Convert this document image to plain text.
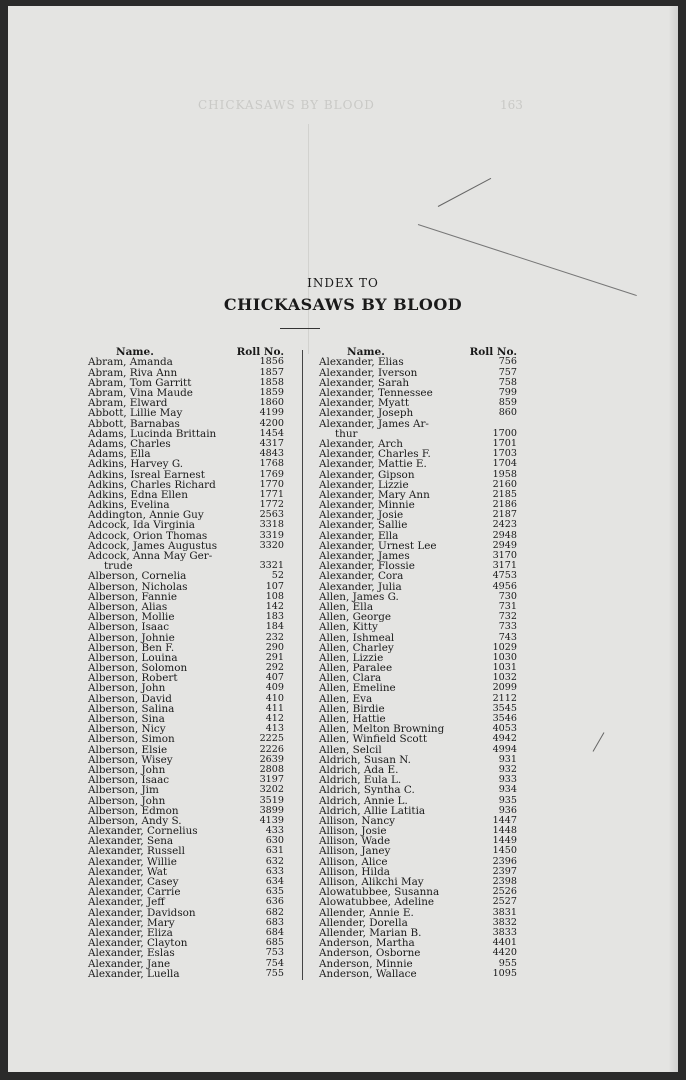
CHICKASAWS BY BLOOD	163
INDEX TO
CHICKASAWS BY BLOOD
Name.	Roll No.
Abram, Amanda	1856
Abram, Riva Ann	1857
Abram, Tom Garritt	1858
Abram, Vina Maude	1859
Abram, Elward	1860
Abbott, Lillie May	4199
Abbott, Barnabas	4200
Adams, Lucinda Brittain	1454
Adams, Charles	4317
Adams, Ella	4843
Adkins, Harvey G.	1768
Adkins, Isreal Earnest	1769
Adkins, Charles Richard	1770
Adkins, Edna Ellen	1771
Adkins, Evelina	1772
Addington, Annie Guy	2563
Adcock, Ida Virginia	3318
Adcock, Orion Thomas	3319
Adcock, James Augustus	3320
Adcock, Anna May Ger-
trude	3321
Alberson, Cornelia	52
Alberson, Nicholas	107
Alberson, Fannie	108
Alberson, Alias	142
Alberson, Mollie	183
Alberson, Isaac	184
Alberson, Johnie	232
Alberson, Ben F.	290
Alberson, Louina	291
Alberson, Solomon	292
Alberson, Robert	407
Alberson, John	409
Alberson, David	410
Alberson, Salina	411
Alberson, Sina	412
Alberson, Nicy	413
Alberson, Simon	2225
Alberson, Elsie	2226
Alberson, Wisey	2639
Alberson, John	2808
Alberson, Isaac	3197
Alberson, Jim	3202
Alberson, John	3519
Alberson, Edmon	3899
Alberson, Andy S.	4139
Alexander, Cornelius	433
Alexander, Sena	630
Alexander, Russell	631
Alexander, Willie	632
Alexander, Wat	633
Alexander, Casey	634
Alexander, Carrie	635
Alexander, Jeff	636
Alexander, Davidson	682
Alexander, Mary	683
Alexander, Eliza	684
Alexander, Clayton	685
Alexander, Eslas	753
Alexander, Jane	754
Alexander, Luella	755
Name.	Roll No.
Alexander, Elias	756
Alexander, Iverson	757
Alexander, Sarah	758
Alexander, Tennessee	799
Alexander, Myatt	859
Alexander, Joseph	860
Alexander, James Ar-
thur	1700
Alexander, Arch	1701
Alexander, Charles F.	1703
Alexander, Mattie E.	1704
Alexander, Gipson	1958
Alexander, Lizzie	2160
Alexander, Mary Ann	2185
Alexander, Minnie	2186
Alexander, Josie	2187
Alexander, Sallie	2423
Alexander, Ella	2948
Alexander, Urnest Lee	2949
Alexander, James	3170
Alexander, Flossie	3171
Alexander, Cora	4753
Alexander, Julia	4956
Allen, James G.	730
Allen, Ella	731
Allen, George	732
Allen, Kitty	733
Allen, Ishmeal	743
Allen, Charley	1029
Allen, Lizzie	1030
Allen, Paralee	1031
Allen, Clara	1032
Allen, Emeline	2099
Allen, Eva	2112
Allen, Birdie	3545
Allen, Hattie	3546
Allen, Melton Browning	4053
Allen, Winfield Scott	4942
Allen, Selcil	4994
Aldrich, Susan N.	931
Aldrich, Ada E.	932
Aldrich, Eula L.	933
Aldrich, Syntha C.	934
Aldrich, Annie L.	935
Aldrich, Allie Latitia	936
Allison, Nancy	1447
Allison, Josie	1448
Allison, Wade	1449
Allison, Janey	1450
Allison, Alice	2396
Allison, Hilda	2397
Allison, Alikchi May	2398
Alowatubbee, Susanna	2526
Alowatubbee, Adeline	2527
Allender, Annie E.	3831
Allender, Dorella	3832
Allender, Marian B.	3833
Anderson, Martha	4401
Anderson, Osborne	4420
Anderson, Minnie	955
Anderson, Wallace	1095
